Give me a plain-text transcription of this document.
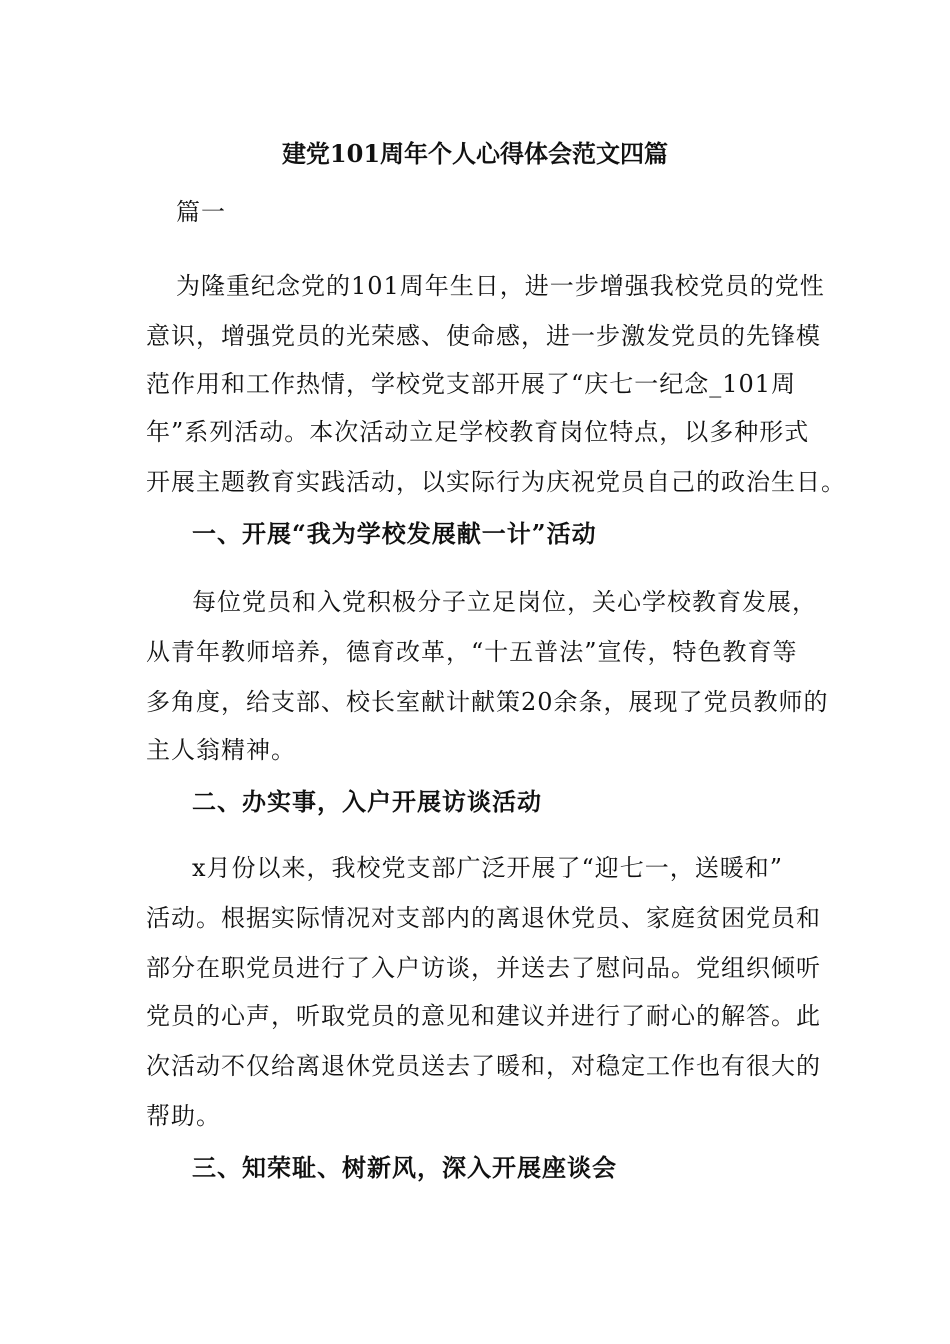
建党101周年个人心得体会范文四篇
篇一
为隆重纪念党的101周年生日，进一步增强我校党员的党性
意识，增强党员的光荣感、使命感，进一步激发党员的先锋模
范作用和工作热情，学校党支部开展了“庆七一纪念_101周
年”系列活动。本次活动立足学校教育岗位特点，以多种形式
开展主题教育实践活动，以实际行为庆祝党员自己的政治生日。
一、开展“我为学校发展献一计”活动
每位党员和入党积极分子立足岗位，关心学校教育发展，
从青年教师培养，德育改革，“十五普法”宣传，特色教育等
多角度，给支部、校长室献计献策20余条，展现了党员教师的
主人翁精神。
二、办实事，入户开展访谈活动
x月份以来，我校党支部广泛开展了“迎七一，送暖和”
活动。根据实际情况对支部内的离退休党员、家庭贫困党员和
部分在职党员进行了入户访谈，并送去了慰问品。党组织倾听
党员的心声，听取党员的意见和建议并进行了耐心的解答。此
次活动不仅给离退休党员送去了暖和，对稳定工作也有很大的
帮助。
三、知荣耻、树新风，深入开展座谈会
